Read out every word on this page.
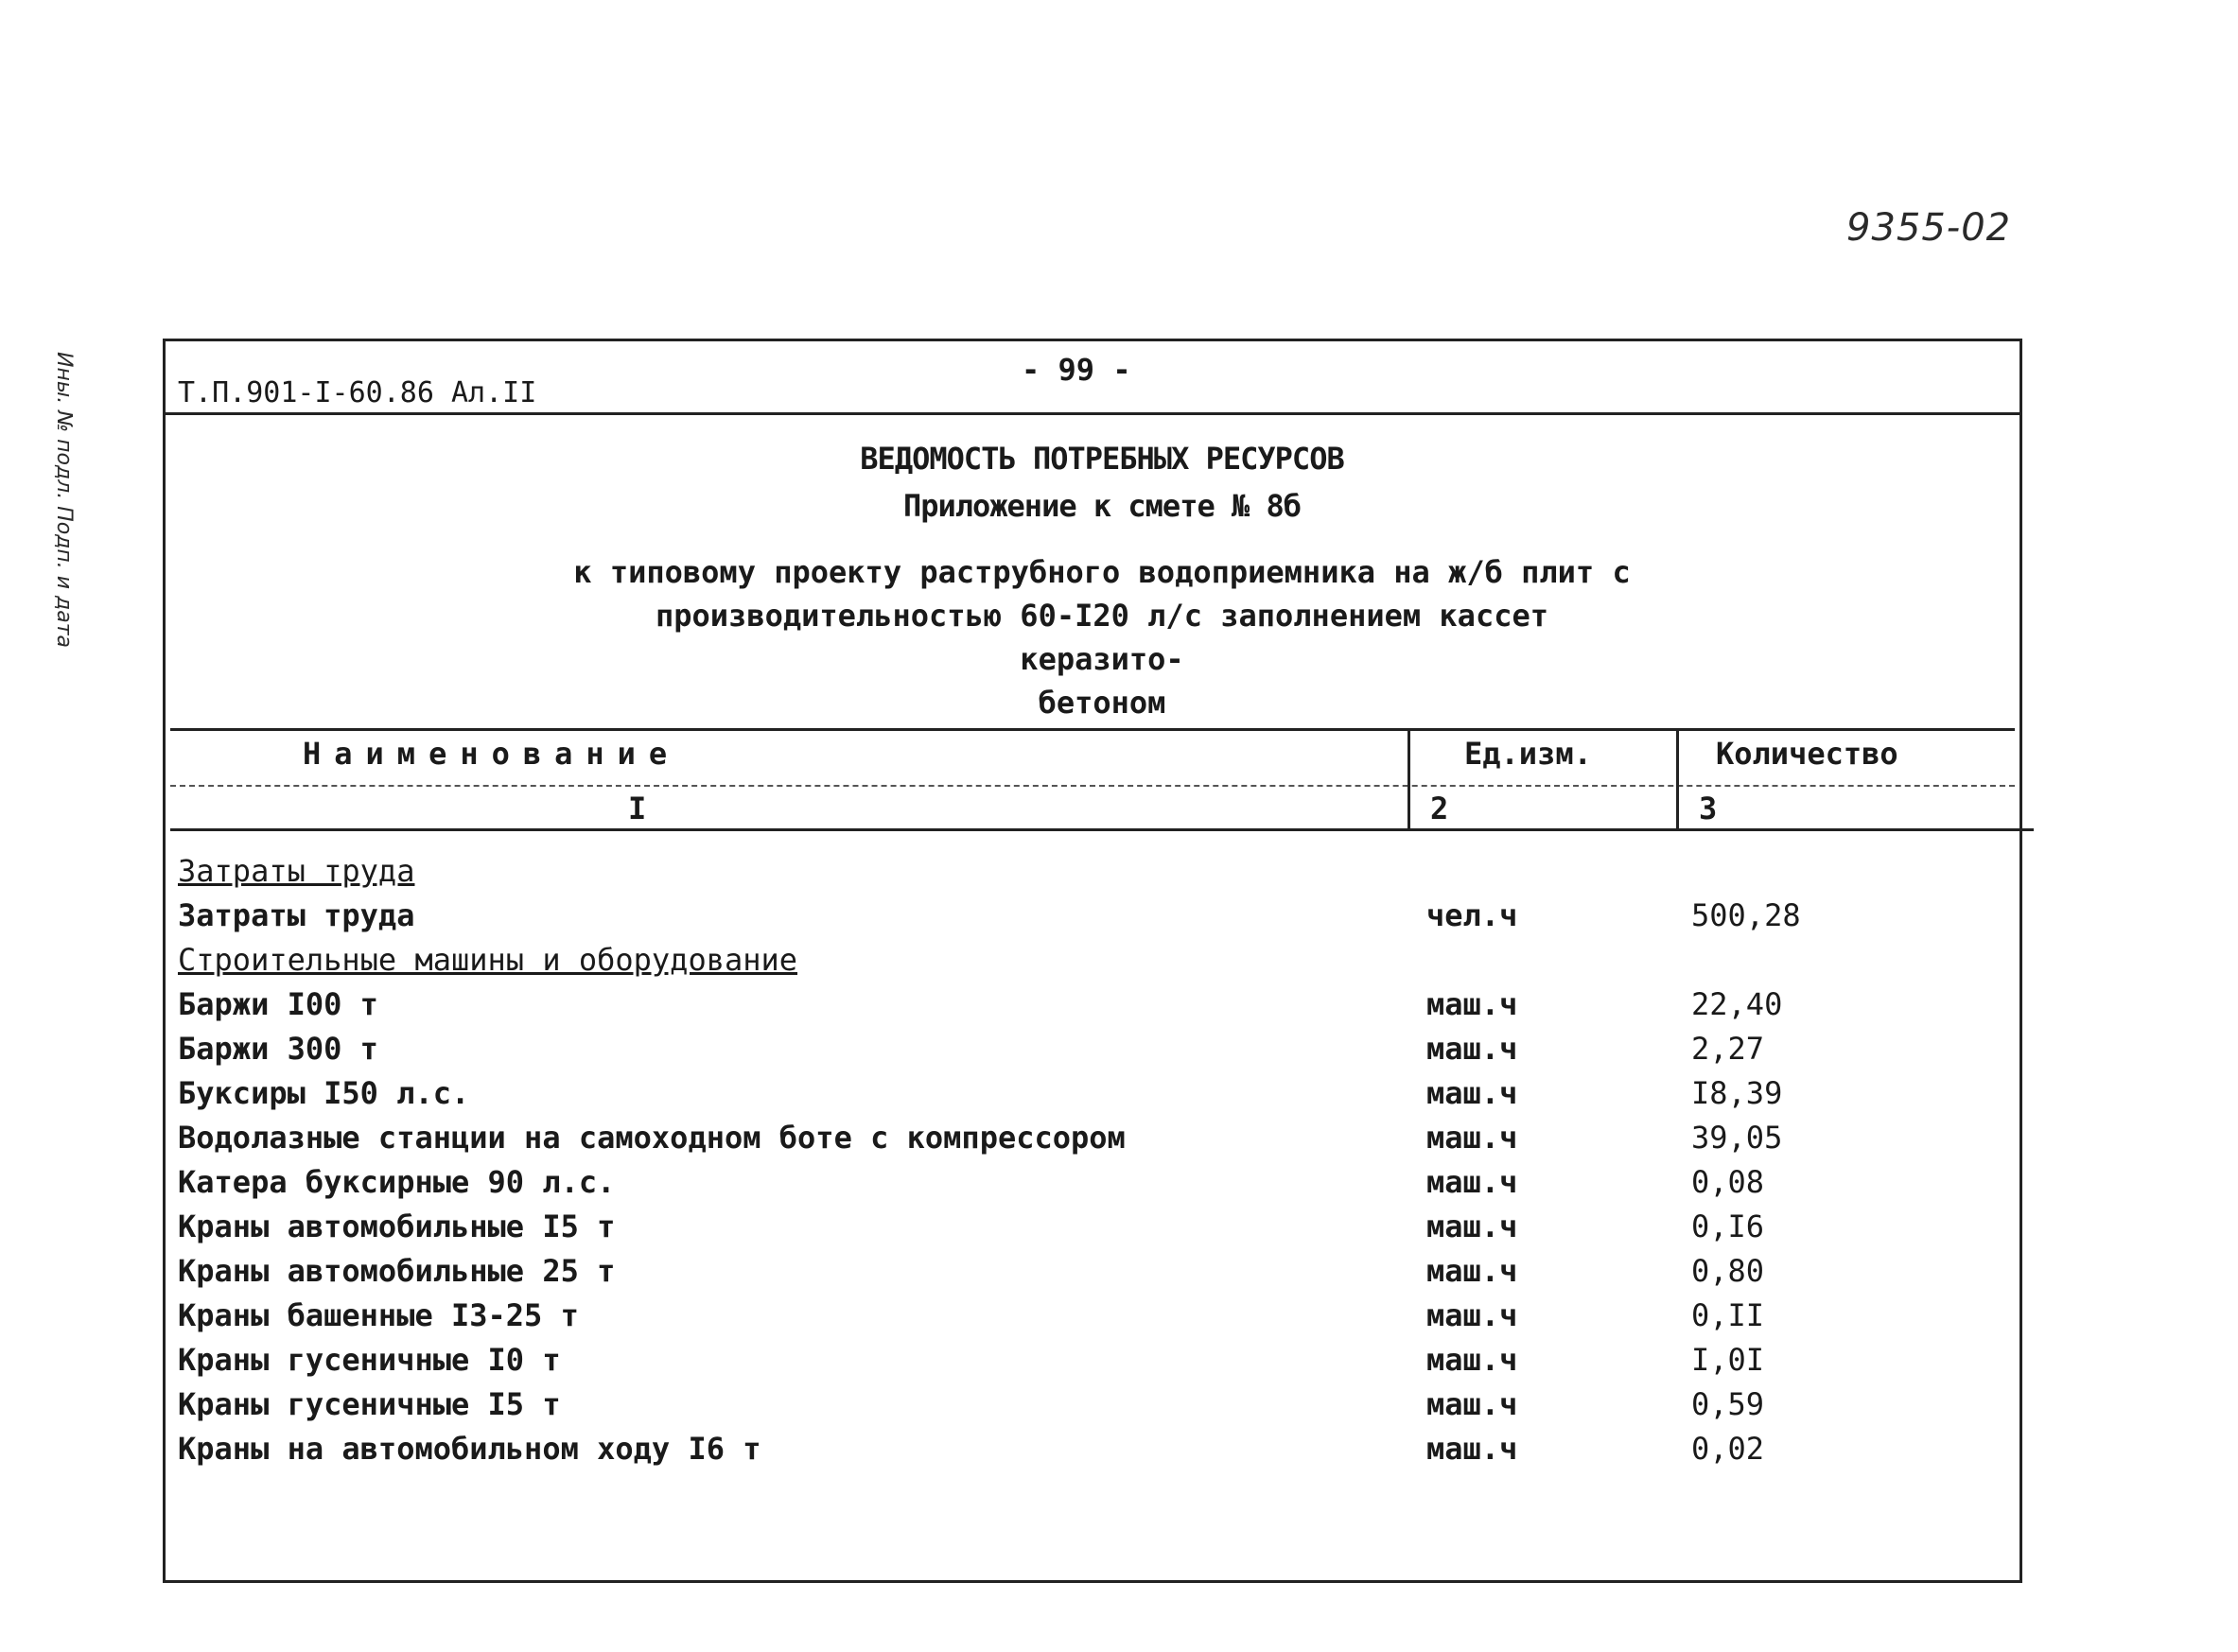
9355-02
Ины. № подл. Подп. и дата	Т.П.901-I-60.86 Ал.II
- 99 -
ВЕДОМОСТЬ ПОТРЕБНЫХ РЕСУРСОВ
Приложение к смете № 8б
к типовому проекту раструбного водоприемника на ж/б плит с
производительностью 60-I20 л/с заполнением кассет керазито-
бетоном
Наименование	Ед.изм.	Количество
I	2	3
Затраты труда
Затраты труда	чел.ч	500,28
Строительные машины и оборудование
Баржи I00 т	маш.ч	22,40
Баржи 300 т	маш.ч	2,27
Буксиры I50 л.с.	маш.ч	I8,39
Водолазные станции на самоходном боте с компрессором	маш.ч	39,05
Катера буксирные 90 л.с.	маш.ч	0,08
Краны автомобильные I5 т	маш.ч	0,I6
Краны автомобильные 25 т	маш.ч	0,80
Краны башенные I3-25 т	маш.ч	0,II
Краны гусеничные I0 т	маш.ч	I,0I
Краны гусеничные I5 т	маш.ч	0,59
Краны на автомобильном ходу I6 т	маш.ч	0,02
